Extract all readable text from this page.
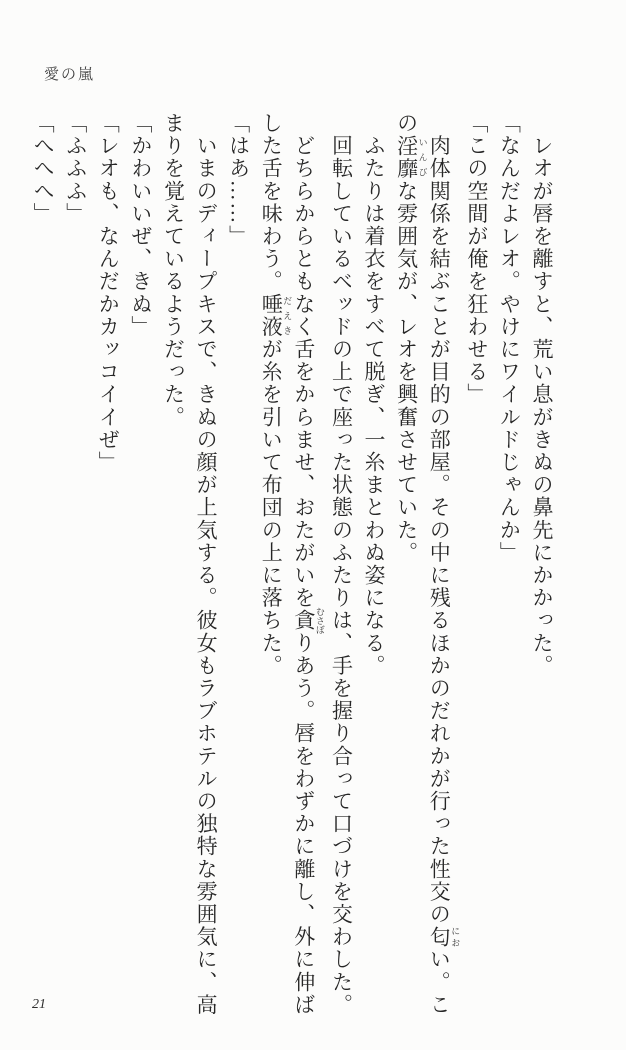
愛の嵐

　レオが唇を離すと、荒い息がきぬの鼻先にかかった。

「なんだよレオ。やけにワイルドじゃんか」

「この空間が俺を狂わせる」

　肉体関係を結ぶことが目的の部屋。その中に残るほかのだれかが行った性交の匂 におい。この淫靡 いんびな雰囲気が、レオを興奮させていた。

　ふたりは着衣をすべて脱ぎ、一糸まとわぬ姿になる。

　回転しているベッドの上で座った状態のふたりは、手を握り合って口づけを交わした。

　どちらからともなく舌をからませ、おたがいを貪 むさぼりあう。唇をわずかに離し、外に伸ばした舌を味わう。唾液 だえきが糸を引いて布団の上に落ちた。

「はあ……」

　いまのディープキスで、きぬの顔が上気する。彼女もラブホテルの独特な雰囲気に、高まりを覚えているようだった。

「かわいいぜ、きぬ」

「レオも、なんだかカッコイイぜ」

「ふふふ」

「へへへ」

21
